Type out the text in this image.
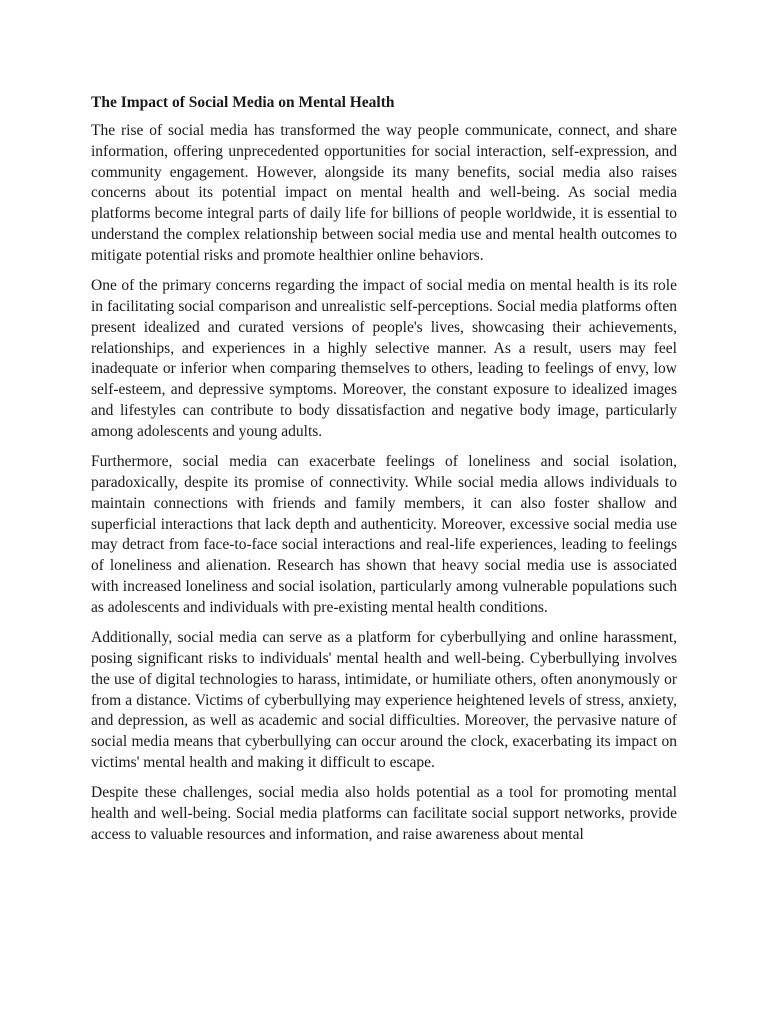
The Impact of Social Media on Mental Health

The rise of social media has transformed the way people communicate, connect, and share information, offering unprecedented opportunities for social interaction, self-expression, and community engagement. However, alongside its many benefits, social media also raises concerns about its potential impact on mental health and well-being. As social media platforms become integral parts of daily life for billions of people worldwide, it is essential to understand the complex relationship between social media use and mental health outcomes to mitigate potential risks and promote healthier online behaviors.

One of the primary concerns regarding the impact of social media on mental health is its role in facilitating social comparison and unrealistic self-perceptions. Social media platforms often present idealized and curated versions of people's lives, showcasing their achievements, relationships, and experiences in a highly selective manner. As a result, users may feel inadequate or inferior when comparing themselves to others, leading to feelings of envy, low self-esteem, and depressive symptoms. Moreover, the constant exposure to idealized images and lifestyles can contribute to body dissatisfaction and negative body image, particularly among adolescents and young adults.

Furthermore, social media can exacerbate feelings of loneliness and social isolation, paradoxically, despite its promise of connectivity. While social media allows individuals to maintain connections with friends and family members, it can also foster shallow and superficial interactions that lack depth and authenticity. Moreover, excessive social media use may detract from face-to-face social interactions and real-life experiences, leading to feelings of loneliness and alienation. Research has shown that heavy social media use is associated with increased loneliness and social isolation, particularly among vulnerable populations such as adolescents and individuals with pre-existing mental health conditions.

Additionally, social media can serve as a platform for cyberbullying and online harassment, posing significant risks to individuals' mental health and well-being. Cyberbullying involves the use of digital technologies to harass, intimidate, or humiliate others, often anonymously or from a distance. Victims of cyberbullying may experience heightened levels of stress, anxiety, and depression, as well as academic and social difficulties. Moreover, the pervasive nature of social media means that cyberbullying can occur around the clock, exacerbating its impact on victims' mental health and making it difficult to escape.

Despite these challenges, social media also holds potential as a tool for promoting mental health and well-being. Social media platforms can facilitate social support networks, provide access to valuable resources and information, and raise awareness about mental
